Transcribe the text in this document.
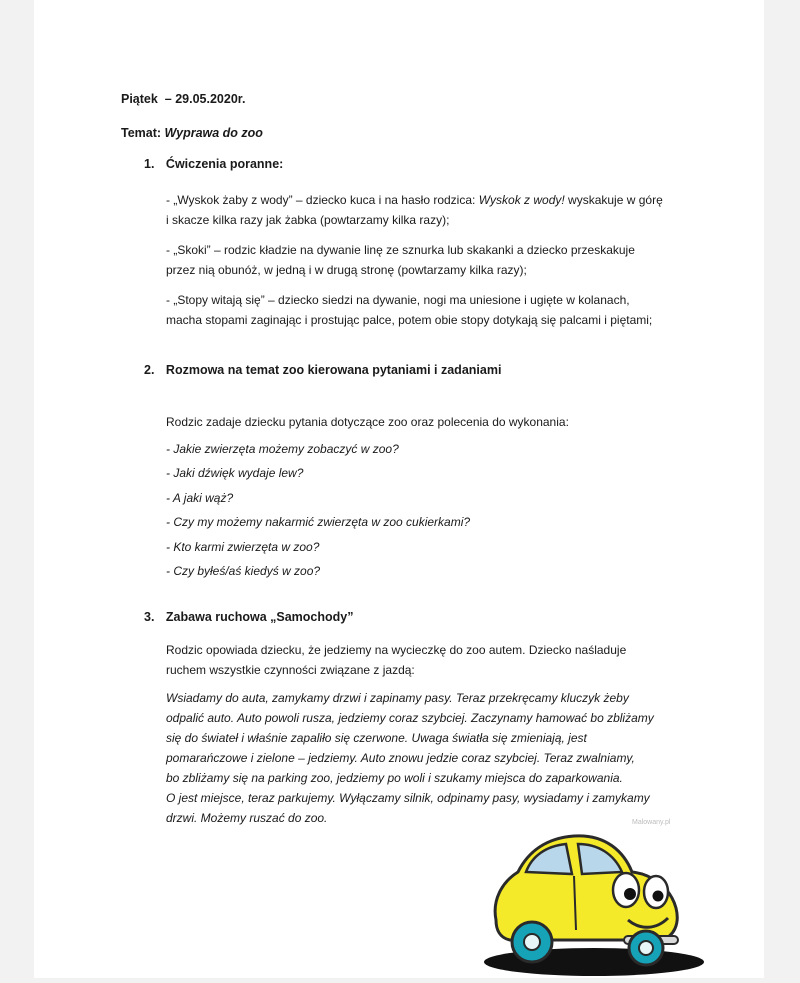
Piątek – 29.05.2020r.
Temat: Wyprawa do zoo
1. Ćwiczenia poranne:
- „Wyskok żaby z wody” – dziecko kuca i na hasło rodzica: Wyskok z wody! wyskakuje w górę
i skacze kilka razy jak żabka (powtarzamy kilka razy);
- „Skoki” – rodzic kładzie na dywanie linę ze sznurka lub skakanki a dziecko przeskakuje
przez nią obunóż, w jedną i w drugą stronę (powtarzamy kilka razy);
- „Stopy witają się” – dziecko siedzi na dywanie, nogi ma uniesione i ugięte w kolanach,
macha stopami zaginając i prostując palce, potem obie stopy dotykają się palcami i piętami;
2. Rozmowa na temat zoo kierowana pytaniami i zadaniami
Rodzic zadaje dziecku pytania dotyczące zoo oraz polecenia do wykonania:
- Jakie zwierzęta możemy zobaczyć w zoo?
- Jaki dźwięk wydaje lew?
- A jaki wąż?
- Czy my możemy nakarmić zwierzęta w zoo cukierkami?
- Kto karmi zwierzęta w zoo?
- Czy byłeś/aś kiedyś w zoo?
3. Zabawa ruchowa „Samochody”
Rodzic opowiada dziecku, że jedziemy na wycieczkę do zoo autem. Dziecko naśladuje
ruchem wszystkie czynności związane z jazdą:
Wsiadamy do auta, zamykamy drzwi i zapinamy pasy. Teraz przekręcamy kluczyk żeby
odpalić auto. Auto powoli rusza, jedziemy coraz szybciej. Zaczynamy hamować bo zbliżamy
się do świateł i właśnie zapaliło się czerwone. Uwaga światła się zmieniają, jest
pomarańczowe i zielone – jedziemy. Auto znowu jedzie coraz szybciej. Teraz zwalniamy,
bo zbliżamy się na parking zoo, jedziemy po woli i szukamy miejsca do zaparkowania.
O jest miejsce, teraz parkujemy. Wyłączamy silnik, odpinamy pasy, wysiadamy i zamykamy
drzwi. Możemy ruszać do zoo.	Malowany.pl
